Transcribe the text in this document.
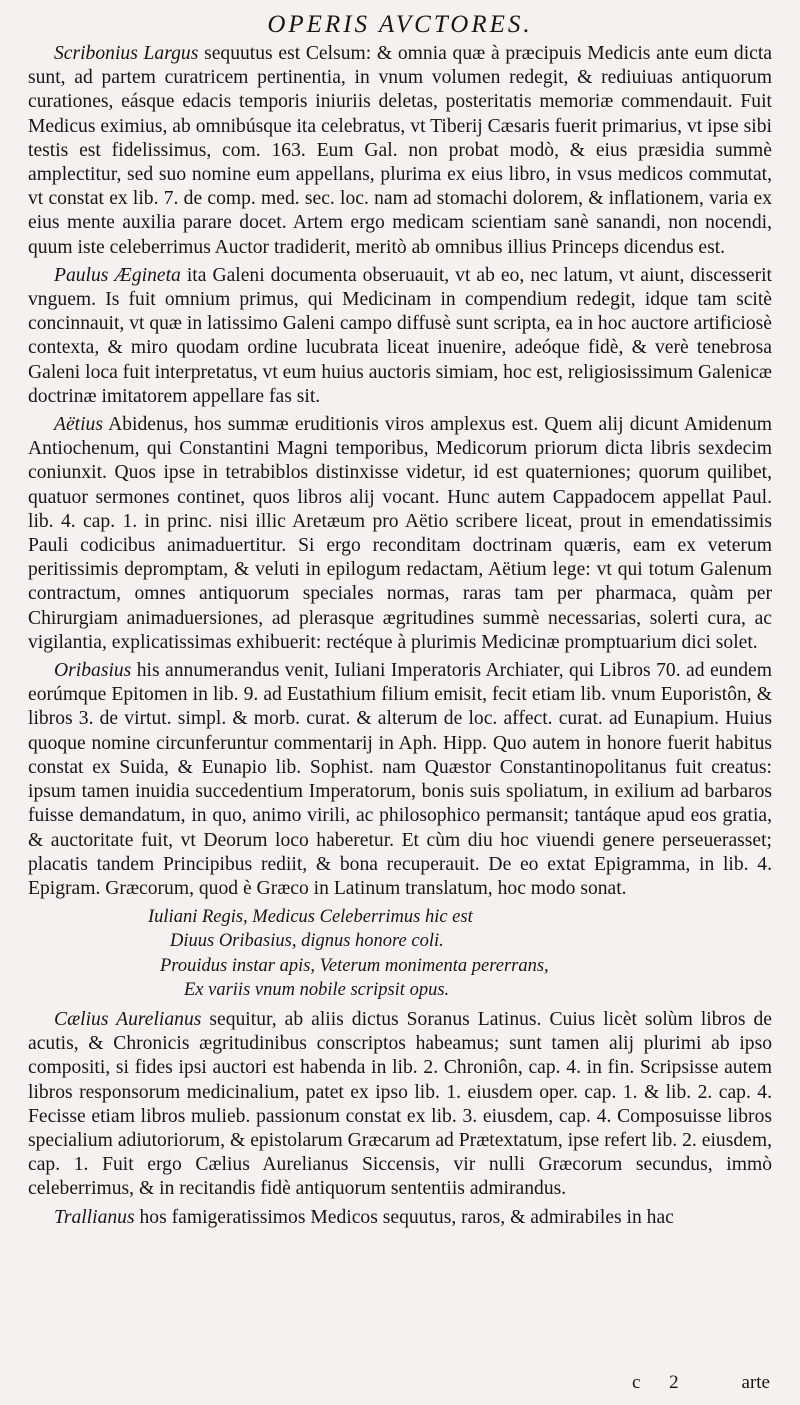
OPERIS AVCTORES.

Scribonius Largus sequutus est Celsum: & omnia quæ à præcipuis Medicis ante eum dicta sunt, ad partem curatricem pertinentia, in vnum volumen redegit, & rediuiuas antiquorum curationes, eásque edacis temporis iniuriis deletas, posteritatis memoriæ commendauit. Fuit Medicus eximius, ab omnibúsque ita celebratus, vt Tiberij Cæsaris fuerit primarius, vt ipse sibi testis est fidelissimus, com. 163. Eum Gal. non probat modò, & eius præsidia summè amplectitur, sed suo nomine eum appellans, plurima ex eius libro, in vsus medicos commutat, vt constat ex lib. 7. de comp. med. sec. loc. nam ad stomachi dolorem, & inflationem, varia ex eius mente auxilia parare docet. Artem ergo medicam scientiam sanè sanandi, non nocendi, quum iste celeberrimus Auctor tradiderit, meritò ab omnibus illius Princeps dicendus est.

Paulus Ægineta ita Galeni documenta obseruauit, vt ab eo, nec latum, vt aiunt, discesserit vnguem. Is fuit omnium primus, qui Medicinam in compendium redegit, idque tam scitè concinnauit, vt quæ in latissimo Galeni campo diffusè sunt scripta, ea in hoc auctore artificiosè contexta, & miro quodam ordine lucubrata liceat inuenire, adeóque fidè, & verè tenebrosa Galeni loca fuit interpretatus, vt eum huius auctoris simiam, hoc est, religiosissimum Galenicæ doctrinæ imitatorem appellare fas sit.

Aëtius Abidenus, hos summæ eruditionis viros amplexus est. Quem alij dicunt Amidenum Antiochenum, qui Constantini Magni temporibus, Medicorum priorum dicta libris sexdecim coniunxit. Quos ipse in tetrabiblos distinxisse videtur, id est quaterniones; quorum quilibet, quatuor sermones continet, quos libros alij vocant. Hunc autem Cappadocem appellat Paul. lib. 4. cap. 1. in princ. nisi illic Aretæum pro Aëtio scribere liceat, prout in emendatissimis Pauli codicibus animaduertitur. Si ergo reconditam doctrinam quæris, eam ex veterum peritissimis depromptam, & veluti in epilogum redactam, Aëtium lege: vt qui totum Galenum contractum, omnes antiquorum speciales normas, raras tam per pharmaca, quàm per Chirurgiam animaduersiones, ad plerasque ægritudines summè necessarias, solerti cura, ac vigilantia, explicatissimas exhibuerit: rectéque à plurimis Medicinæ promptuarium dici solet.

Oribasius his annumerandus venit, Iuliani Imperatoris Archiater, qui Libros 70. ad eundem eorúmque Epitomen in lib. 9. ad Eustathium filium emisit, fecit etiam lib. vnum Euporistôn, & libros 3. de virtut. simpl. & morb. curat. & alterum de loc. affect. curat. ad Eunapium. Huius quoque nomine circunferuntur commentarij in Aph. Hipp. Quo autem in honore fuerit habitus constat ex Suida, & Eunapio lib. Sophist. nam Quæstor Constantinopolitanus fuit creatus: ipsum tamen inuidia succedentium Imperatorum, bonis suis spoliatum, in exilium ad barbaros fuisse demandatum, in quo, animo virili, ac philosophico permansit; tantáque apud eos gratia, & auctoritate fuit, vt Deorum loco haberetur. Et cùm diu hoc viuendi genere perseuerasset; placatis tandem Principibus rediit, & bona recuperauit. De eo extat Epigramma, in lib. 4. Epigram. Græcorum, quod è Græco in Latinum translatum, hoc modo sonat.

Iuliani Regis, Medicus Celeberrimus hic est
Diuus Oribasius, dignus honore coli.
Prouidus instar apis, Veterum monimenta pererrans,
Ex variis vnum nobile scripsit opus.

Cælius Aurelianus sequitur, ab aliis dictus Soranus Latinus. Cuius licèt solùm libros de acutis, & Chronicis ægritudinibus conscriptos habeamus; sunt tamen alij plurimi ab ipso compositi, si fides ipsi auctori est habenda in lib. 2. Chroniôn, cap. 4. in fin. Scripsisse autem libros responsorum medicinalium, patet ex ipso lib. 1. eiusdem oper. cap. 1. & lib. 2. cap. 4. Fecisse etiam libros mulieb. passionum constat ex lib. 3. eiusdem, cap. 4. Composuisse libros specialium adiutoriorum, & epistolarum Græcarum ad Prætextatum, ipse refert lib. 2. eiusdem, cap. 1. Fuit ergo Cælius Aurelianus Siccensis, vir nulli Græcorum secundus, immò celeberrimus, & in recitandis fidè antiquorum sententiis admirandus.

Trallianus hos famigeratissimos Medicos sequutus, raros, & admirabiles in hac

c 2	arte
